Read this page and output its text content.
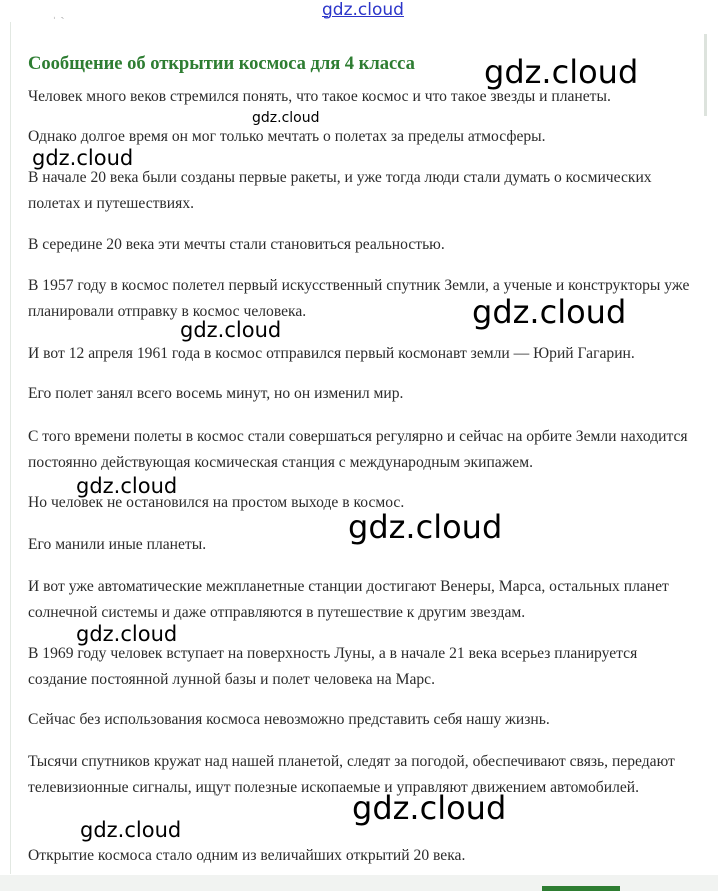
ˌ ˏ	gdz.cloud
Сообщение об открытии космоса для 4 класса

Человек много веков стремился понять, что такое космос и что такое звезды и планеты.

Однако долгое время он мог только мечтать о полетах за пределы атмосферы.

В начале 20 века были созданы первые ракеты, и уже тогда люди стали думать о космических полетах и путешествиях.

В середине 20 века эти мечты стали становиться реальностью.

В 1957 году в космос полетел первый искусственный спутник Земли, а ученые и конструкторы уже планировали отправку в космос человека.

И вот 12 апреля 1961 года в космос отправился первый космонавт земли — Юрий Гагарин.

Его полет занял всего восемь минут, но он изменил мир.

С того времени полеты в космос стали совершаться регулярно и сейчас на орбите Земли находится постоянно действующая космическая станция с международным экипажем.

Но человек не остановился на простом выходе в космос.

Его манили иные планеты.

И вот уже автоматические межпланетные станции достигают Венеры, Марса, остальных планет солнечной системы и даже отправляются в путешествие к другим звездам.

В 1969 году человек вступает на поверхность Луны, а в начале 21 века всерьез планируется создание постоянной лунной базы и полет человека на Марс.

Сейчас без использования космоса невозможно представить себя нашу жизнь.

Тысячи спутников кружат над нашей планетой, следят за погодой, обеспечивают связь, передают телевизионные сигналы, ищут полезные ископаемые и управляют движением автомобилей.

Открытие космоса стало одним из величайших открытий 20 века.

gdz.cloud
gdz.cloud
gdz.cloud
gdz.cloud
gdz.cloud
gdz.cloud
gdz.cloud
gdz.cloud
gdz.cloud
gdz.cloud
